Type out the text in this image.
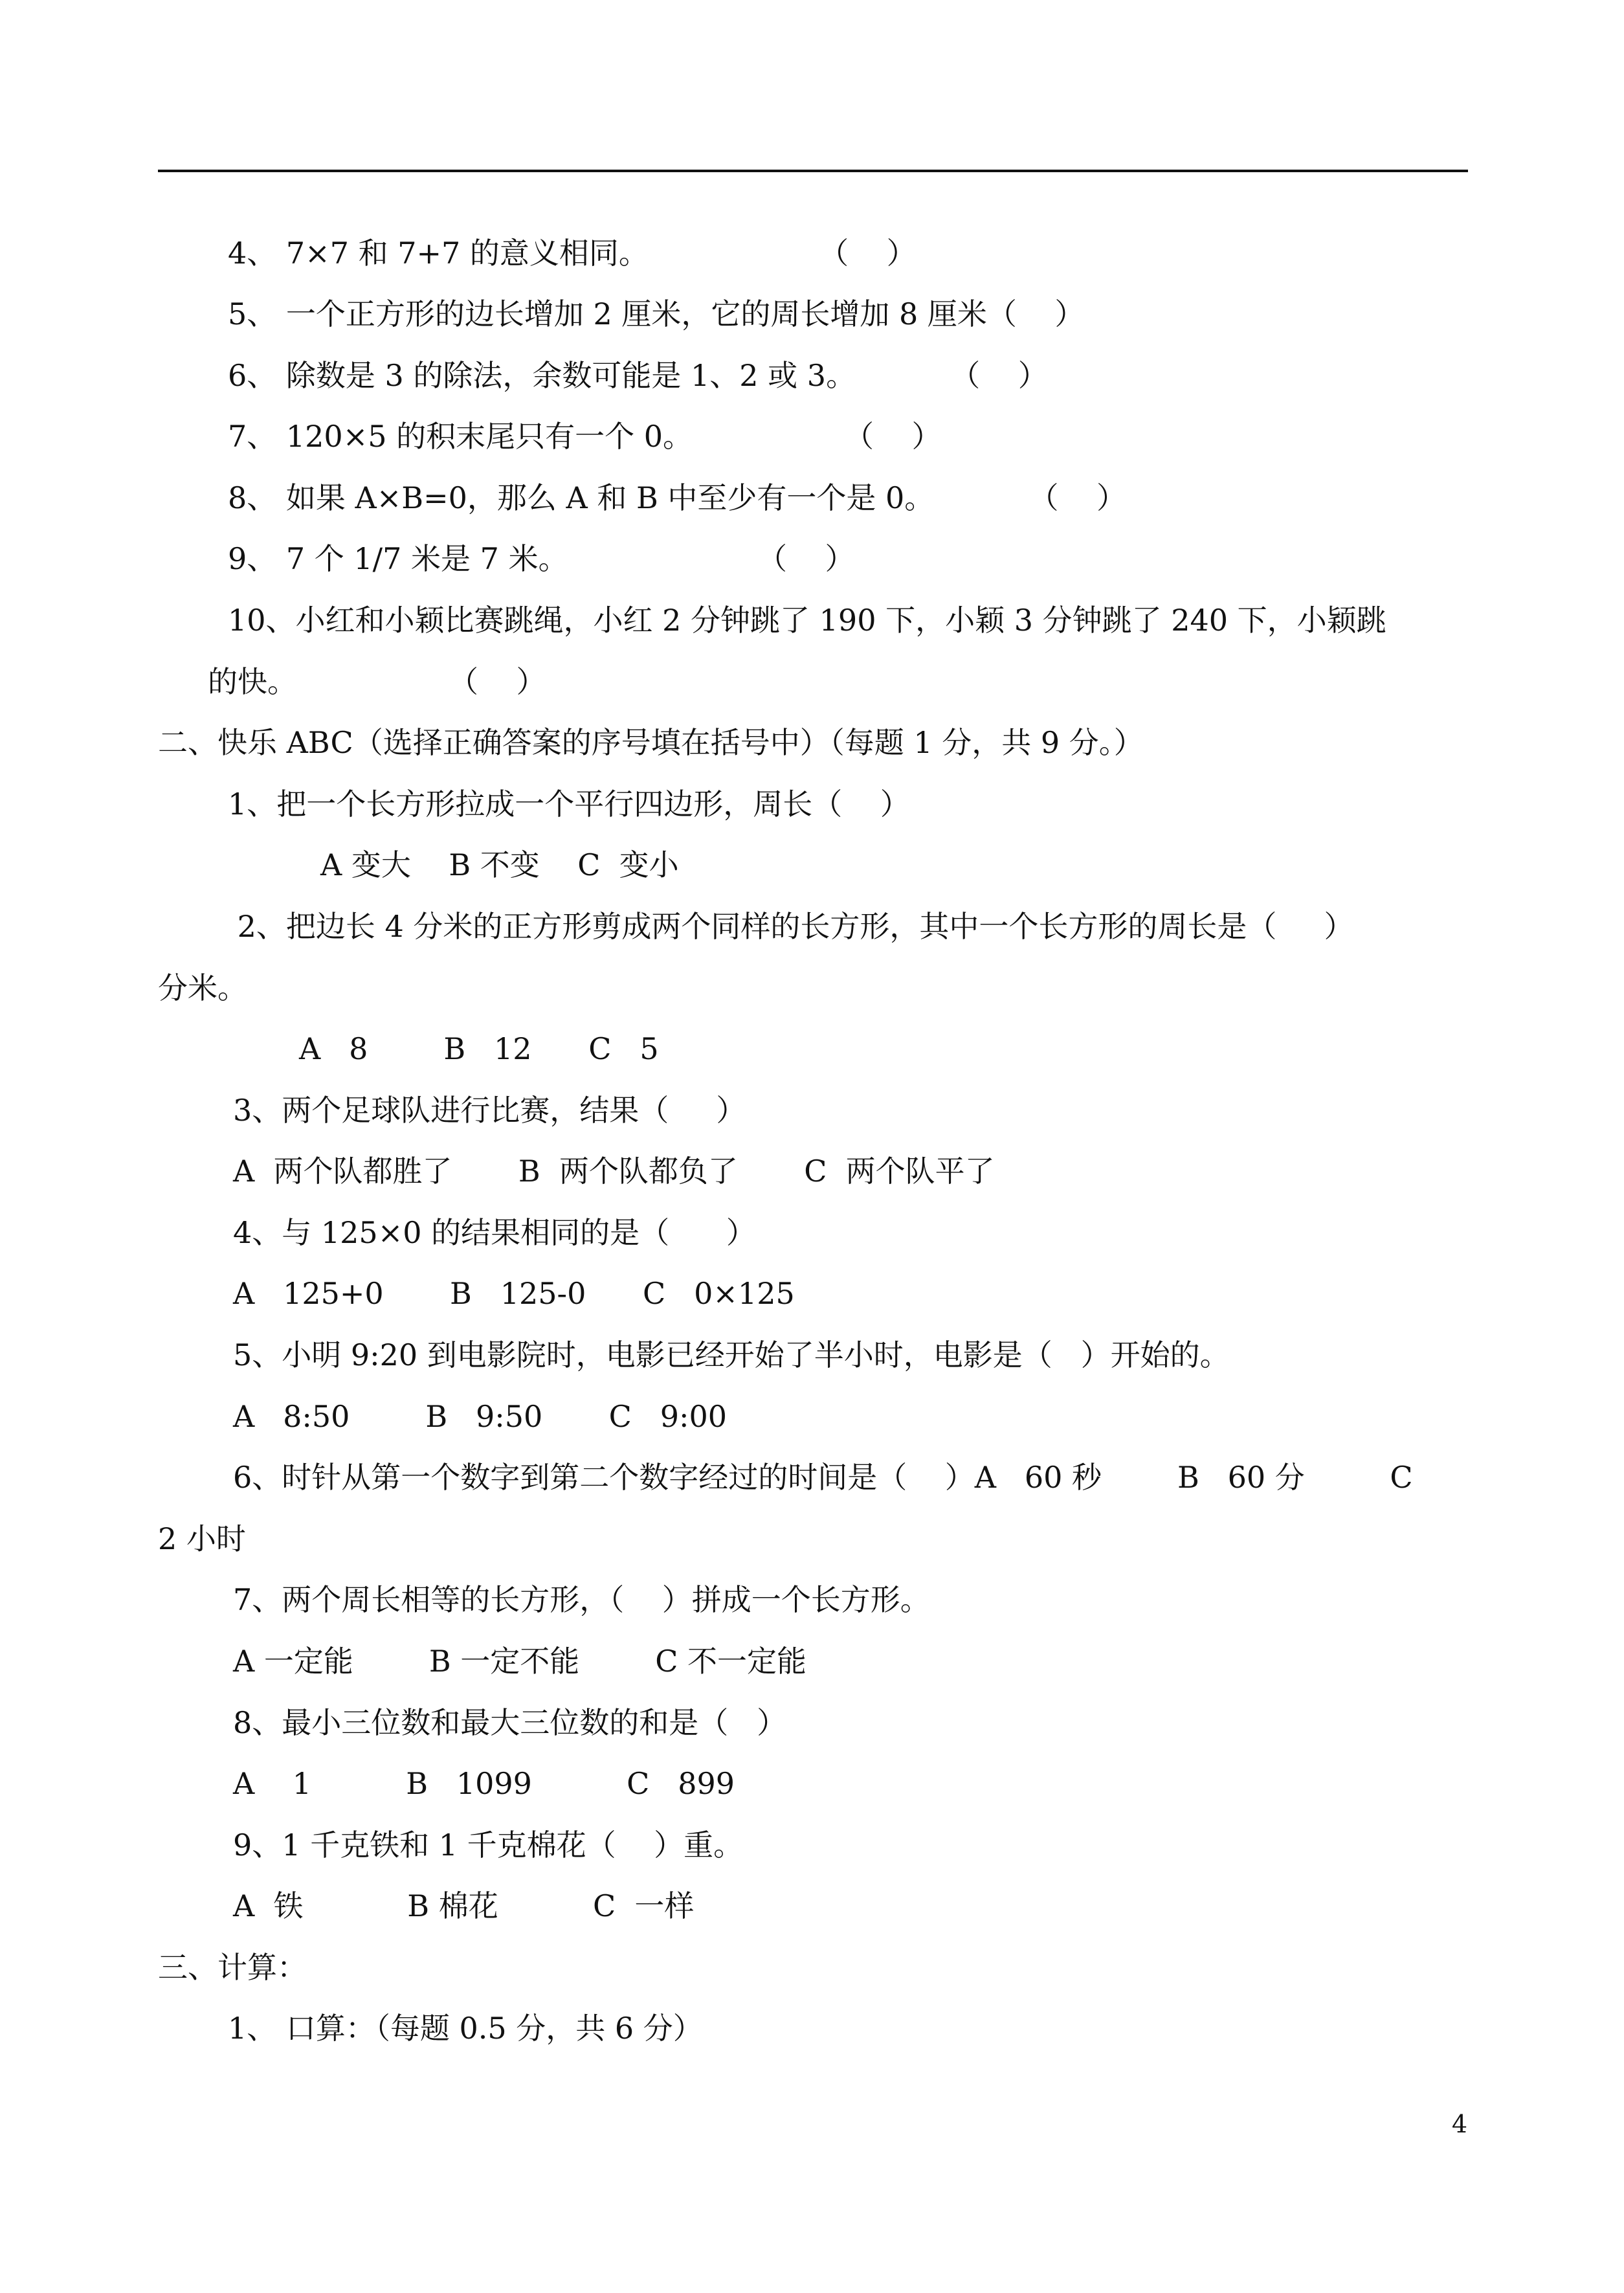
4、 7×7 和 7+7 的意义相同。                  （    ）
5、 一个正方形的边长增加 2 厘米，它的周长增加 8 厘米（    ）
6、 除数是 3 的除法，余数可能是 1、2 或 3。          （    ）
7、 120×5 的积末尾只有一个 0。                （    ）
8、 如果 A×B=0，那么 A 和 B 中至少有一个是 0。          （    ）
9、 7 个 1/7 米是 7 米。                    （    ）
10、小红和小颖比赛跳绳，小红 2 分钟跳了 190 下，小颖 3 分钟跳了 240 下，小颖跳
的快。                （    ）
二、快乐 ABC（选择正确答案的序号填在括号中）（每题 1 分，共 9 分。）
1、把一个长方形拉成一个平行四边形，周长（    ）
A 变大    B 不变    C  变小
2、把边长 4 分米的正方形剪成两个同样的长方形，其中一个长方形的周长是（     ）
分米。
A   8        B   12      C   5
3、两个足球队进行比赛，结果（     ）
A  两个队都胜了       B  两个队都负了       C  两个队平了
4、与 125×0 的结果相同的是（      ）
A   125+0       B   125-0      C   0×125
5、小明 9:20 到电影院时，电影已经开始了半小时，电影是（   ）开始的。
A   8:50        B   9:50       C   9:00
6、时针从第一个数字到第二个数字经过的时间是（    ）A   60 秒        B   60 分         C
2 小时
7、两个周长相等的长方形，（    ）拼成一个长方形。
A 一定能        B 一定不能        C 不一定能
8、最小三位数和最大三位数的和是（   ）
A    1          B   1099          C   899
9、1 千克铁和 1 千克棉花（    ）重。
A  铁           B 棉花          C  一样
三、计算：
1、 口算：（每题 0.5 分，共 6 分）
4
